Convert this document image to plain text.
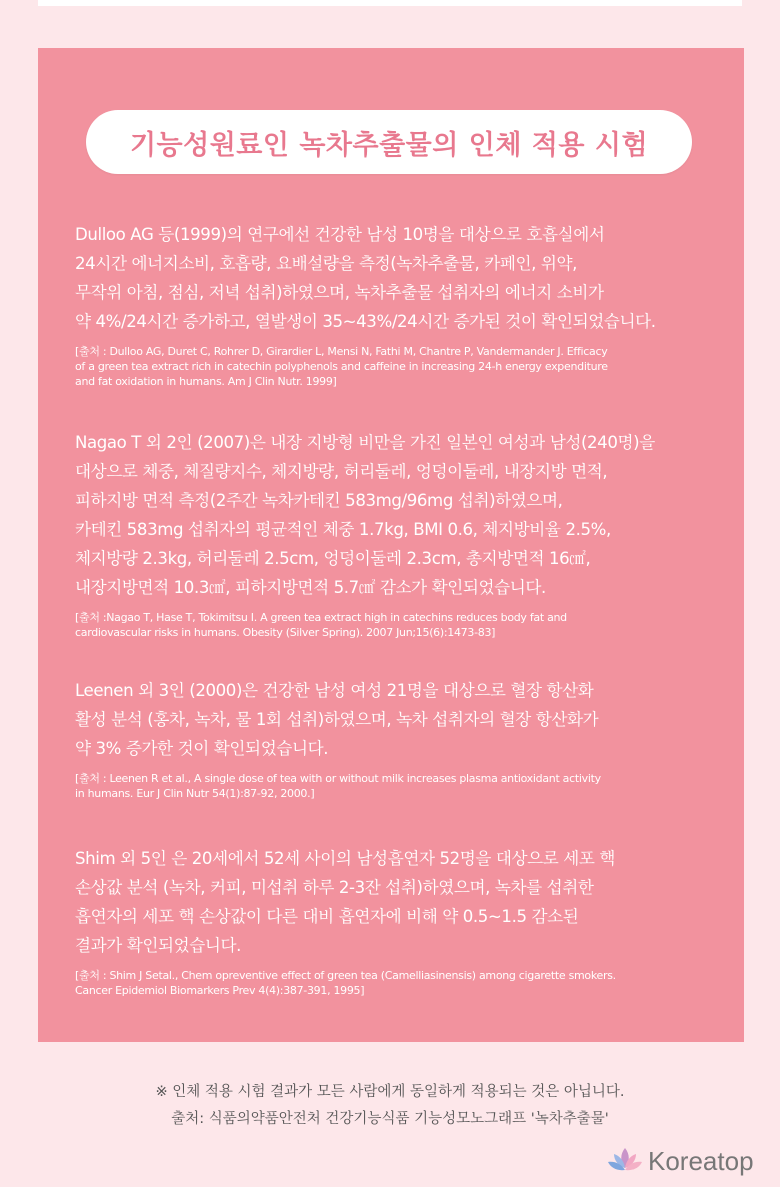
기능성원료인 녹차추출물의 인체 적용 시험

Dulloo AG 등(1999)의 연구에선 건강한 남성 10명을 대상으로 호흡실에서
24시간 에너지소비, 호흡량, 요배설량을 측정(녹차추출물, 카페인, 위약,
무작위 아침, 점심, 저녁 섭취)하였으며, 녹차추출물 섭취자의 에너지 소비가
약 4%/24시간 증가하고, 열발생이 35~43%/24시간 증가된 것이 확인되었습니다.

[출처 : Dulloo AG, Duret C, Rohrer D, Girardier L, Mensi N, Fathi M, Chantre P, Vandermander J. Efficacy
of a green tea extract rich in catechin polyphenols and caffeine in increasing 24-h energy expenditure
and fat oxidation in humans. Am J Clin Nutr. 1999]

Nagao T 외 2인 (2007)은 내장 지방형 비만을 가진 일본인 여성과 남성(240명)을
대상으로 체중, 체질량지수, 체지방량, 허리둘레, 엉덩이둘레, 내장지방 면적,
피하지방 면적 측정(2주간 녹차카테킨 583mg/96mg 섭취)하였으며,
카테킨 583mg 섭취자의 평균적인 체중 1.7kg, BMI 0.6, 체지방비율 2.5%,
체지방량 2.3kg, 허리둘레 2.5cm, 엉덩이둘레 2.3cm, 총지방면적 16㎠,
내장지방면적 10.3㎠, 피하지방면적 5.7㎠ 감소가 확인되었습니다.

[출처 :Nagao T, Hase T, Tokimitsu I. A green tea extract high in catechins reduces body fat and
cardiovascular risks in humans. Obesity (Silver Spring). 2007 Jun;15(6):1473-83]

Leenen 외 3인 (2000)은 건강한 남성 여성 21명을 대상으로 혈장 항산화
활성 분석 (홍차, 녹차, 물 1회 섭취)하였으며, 녹차 섭취자의 혈장 항산화가
약 3% 증가한 것이 확인되었습니다.

[출처 : Leenen R et al., A single dose of tea with or without milk increases plasma antioxidant activity
in humans. Eur J Clin Nutr 54(1):87-92, 2000.]

Shim 외 5인 은 20세에서 52세 사이의 남성흡연자 52명을 대상으로 세포 핵
손상값 분석 (녹차, 커피, 미섭취 하루 2-3잔 섭취)하였으며, 녹차를 섭취한
흡연자의 세포 핵 손상값이 다른 대비 흡연자에 비해 약 0.5~1.5 감소된
결과가 확인되었습니다.

[출처 : Shim J Setal., Chem opreventive effect of green tea (Camelliasinensis) among cigarette smokers.
Cancer Epidemiol Biomarkers Prev 4(4):387-391, 1995]

※ 인체 적용 시험 결과가 모든 사람에게 동일하게 적용되는 것은 아닙니다.
출처: 식품의약품안전처 건강기능식품 기능성모노그래프 '녹차추출물'
Koreatop
